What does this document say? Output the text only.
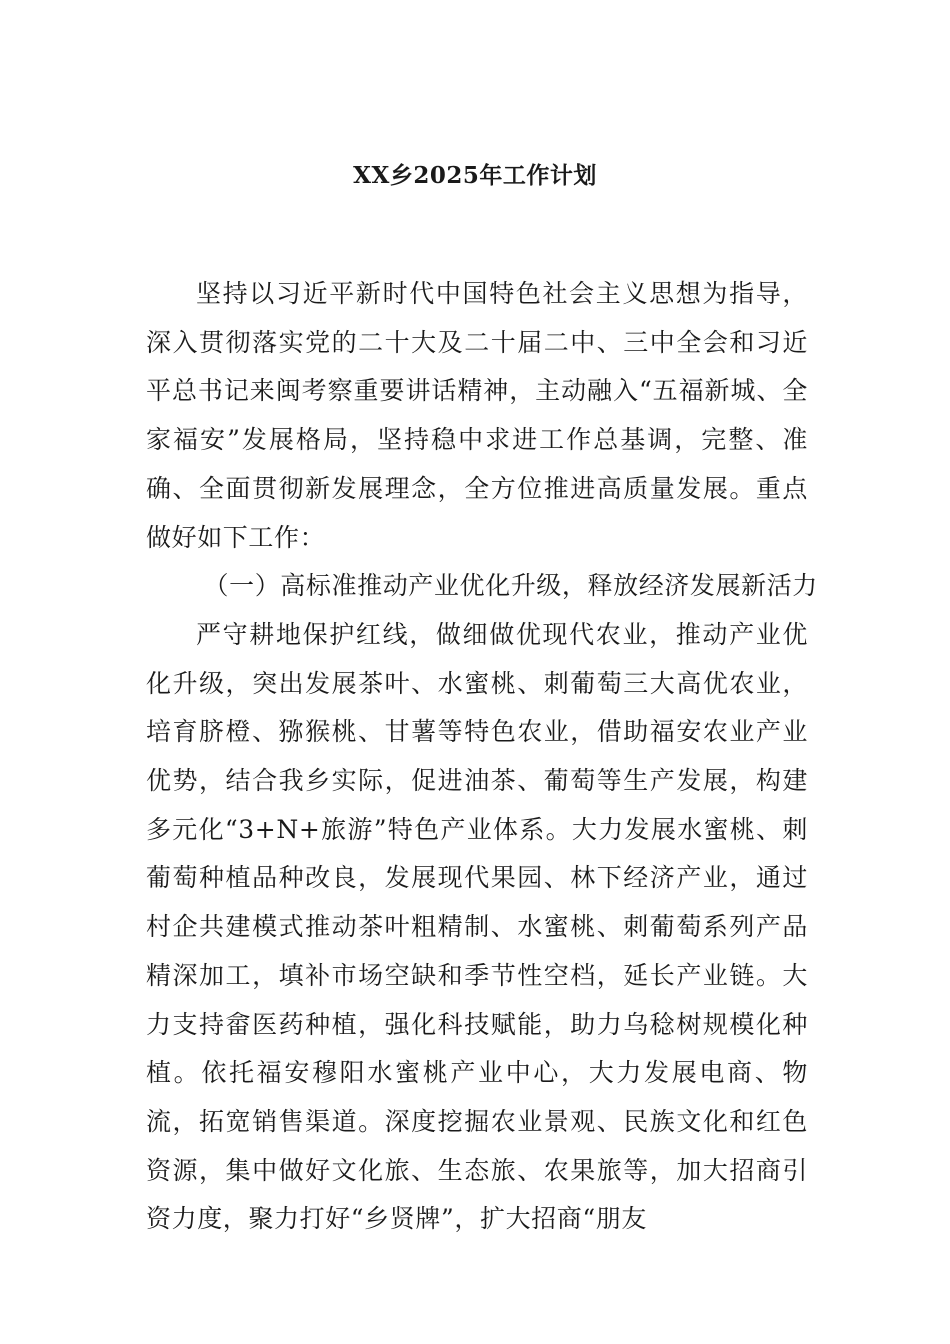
XX乡2025年工作计划

坚持以习近平新时代中国特色社会主义思想为指导，深入贯彻落实党的二十大及二十届二中、三中全会和习近平总书记来闽考察重要讲话精神，主动融入“五福新城、全家福安”发展格局，坚持稳中求进工作总基调，完整、准确、全面贯彻新发展理念，全方位推进高质量发展。重点做好如下工作：

（一）高标准推动产业优化升级，释放经济发展新活力

严守耕地保护红线，做细做优现代农业，推动产业优化升级，突出发展茶叶、水蜜桃、刺葡萄三大高优农业，培育脐橙、猕猴桃、甘薯等特色农业，借助福安农业产业优势，结合我乡实际，促进油茶、葡萄等生产发展，构建多元化“3+N+旅游”特色产业体系。大力发展水蜜桃、刺葡萄种植品种改良，发展现代果园、林下经济产业，通过村企共建模式推动茶叶粗精制、水蜜桃、刺葡萄系列产品精深加工，填补市场空缺和季节性空档，延长产业链。大力支持畲医药种植，强化科技赋能，助力乌稔树规模化种植。依托福安穆阳水蜜桃产业中心，大力发展电商、物流，拓宽销售渠道。深度挖掘农业景观、民族文化和红色资源，集中做好文化旅、生态旅、农果旅等，加大招商引资力度，聚力打好“乡贤牌”，扩大招商“朋友
